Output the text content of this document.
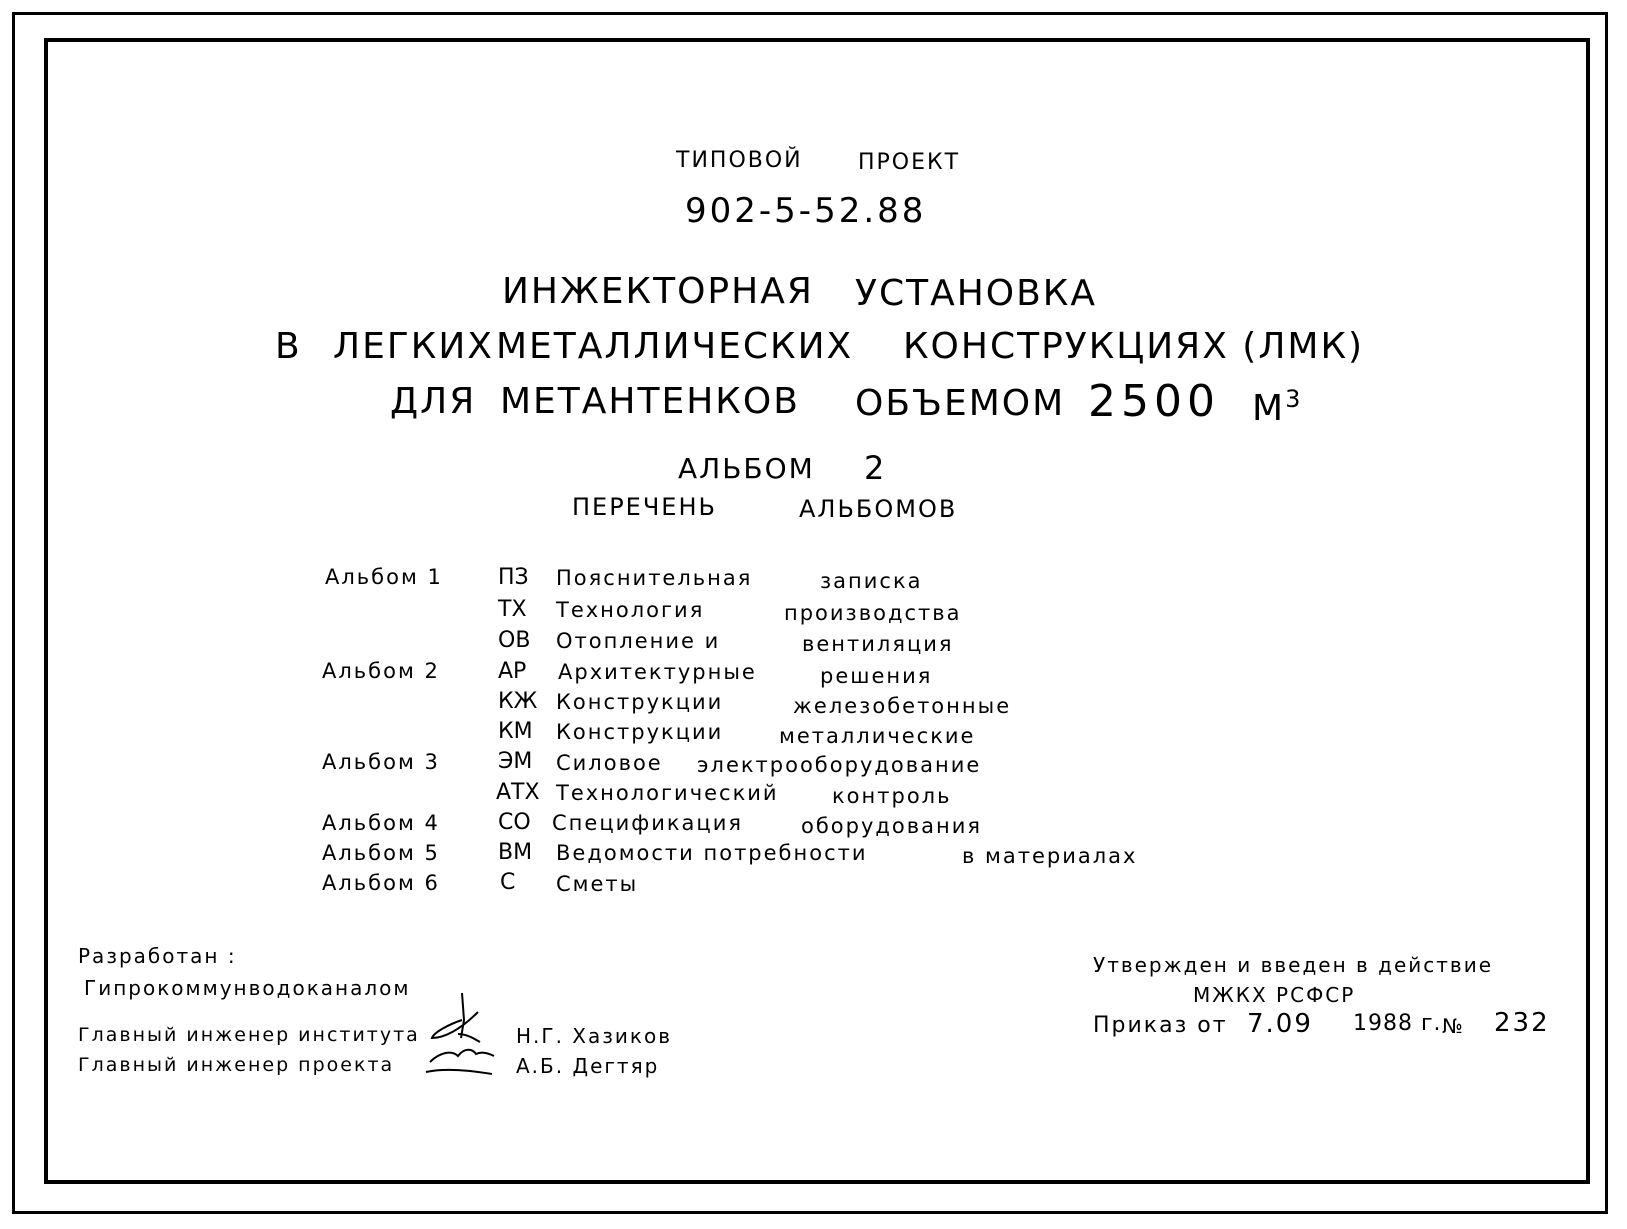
ТИПОВОЙ	ПРОЕКТ
902-5-52.88
ИНЖЕКТОРНАЯ УСТАНОВКА
В ЛЕГКИХ МЕТАЛЛИЧЕСКИХ КОНСТРУКЦИЯХ (ЛМК)
ДЛЯ МЕТАНТЕНКОВ ОБЪЕМОМ 2500 $М^3$
АЛЬБОМ 2
ПЕРЕЧЕНЬ	АЛЬБОМОВ
Альбом 1	ПЗ Пояснительная	записка
ТХ Технология	производства
ОВ Отопление и	вентиляция
Альбом 2	АР Архитектурные	решения
КЖ Конструкции	железобетонные
КМ Конструкции	металлические
Альбом 3	ЭМ Силовое электрооборудование
АТХ Технологический	контроль
Альбом 4	СО Спецификация	оборудования
Альбом 5	ВМ Ведомости потребности	в материалах
Альбом 6	С Сметы
Разработан :
Гипрокоммунводоканалом
Главный инженер института	Н.Г. Хазиков
Главный инженер проекта	А.Б. Дегтяр
Утвержден и введен в действие
МЖКХ РСФСР
Приказ от 7.09 1988 г. № 232
